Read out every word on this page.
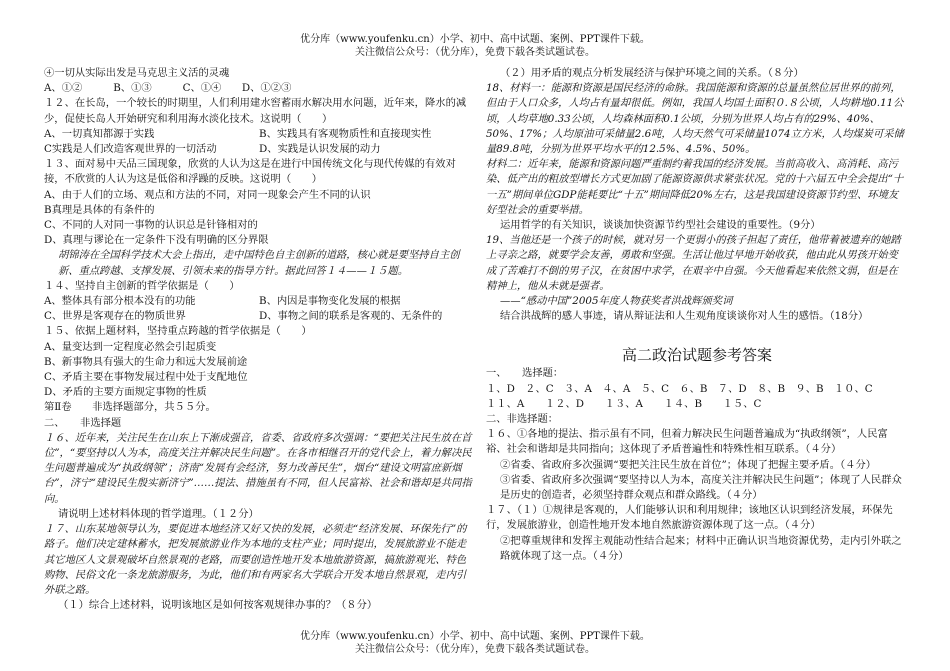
优分库（www.youfenku.cn）小学、初中、高中试题、案例、PPT课件下载。
关注微信公众号：（优分库），免费下载各类试题试卷。

④一切从实际出发是马克思主义活的灵魂

A、①②　　　B、①③　　　C、①④　　D、①②③

１２、在长岛，一个较长的时期里，人们利用建水窖蓄雨水解决用水问题，近年来，降水的减少，促使长岛人开始研究和利用海水淡化技术。这说明（　　）

A、一切真知都源于实践	B、实践具有客观物质性和直接现实性
C实践是人们改造客观世界的一切活动	D、实践是认识发展的动力

１３、面对易中天品三国现象，欣赏的人认为这是在进行中国传统文化与现代传媒的有效对接，不欣赏的人认为这是低俗和浮躁的反映。这说明（　　）

A、由于人们的立场、观点和方法的不同，对同一现象会产生不同的认识

B真理是具体的有条件的

C、不同的人对同一事物的认识总是针锋相对的

D、真理与谬论在一定条件下没有明确的区分界限

胡锦涛在全国科学技术大会上指出，走中国特色自主创新的道路，核心就是要坚持自主创新、重点跨越、支撑发展、引领未来的指导方针。据此回答１４——１５题。

１４、坚持自主创新的哲学依据是（　　）

A、整体具有部分根本没有的功能	B、内因是事物变化发展的根据
C、世界是客观存在的物质世界	D、事物之间的联系是客观的、无条件的

１５、依据上题材料，坚持重点跨越的哲学依据是（　　）

A、量变达到一定程度必然会引起质变

B、新事物具有强大的生命力和远大发展前途

C、矛盾主要在事物发展过程中处于支配地位

D、矛盾的主要方面规定事物的性质

第Ⅱ卷　　非选择题部分，共５５分。

二、　　非选择题

１６、近年来，关注民生在山东上下渐成强音，省委、省政府多次强调：“要把关注民生放在首位”，“要坚持以人为本，高度关注并解决民生问题”。在各市相继召开的党代会上，着力解决民生问题普遍成为“执政纲领”；济南“发展有会经济，努力改善民生”，烟台“建设文明富庶新烟台”，济宁“建设民生殷实新济宁”……提法、措施虽有不同，但人民富裕、社会和谐却是共同指向。

请说明上述材料体现的哲学道理。（１２分）

１７、山东某地领导认为，要促进本地经济又好又快的发展，必须走“经济发展、环保先行”的路子。他们决定建林蓄水，把发展旅游业作为本地的支柱产业；同时提出，发展旅游业不能走其它地区人文景观破坏自然景观的老路，而要创造性地开发本地旅游资源，搞旅游观光、特色购物、民俗文化一条龙旅游服务，为此，他们和有两家名大学联合开发本地自然景观，走内引外联之路。

（１）综合上述材料，说明该地区是如何按客观规律办事的？（８分）

（２）用矛盾的观点分析发展经济与保护环境之间的关系。（８分）

18、材料一：能源和资源是国民经济的命脉。我国能源和资源的总量虽然位居世界的前列，但由于人口众多，人均占有量却很低。例如，我国人均国土面积０.８公顷，人均耕地0.11公顷，人均草地0.33公顷，人均森林面积0.1公顷，分别为世界人均占有的29%、40%、50%、17%；人均原油可采储量2.6吨，人均天然气可采储量1074立方米，人均煤炭可采储量89.8吨，分别为世界平均水平的12.5%、4.5%、50%。

材料二：近年来，能源和资源问题严重制约着我国的经济发展。当前高收入、高消耗、高污染、低产出的粗放型增长方式更加剧了能源资源供求紧张状况。党的十六届五中全会提出“十一五”期间单位GDP能耗要比“十五”期间降低20%左右，这是我国建设资源节约型、环境友好型社会的重要举措。

运用哲学的有关知识，谈谈加快资源节约型社会建设的重要性。（9分）

19、当他还是一个孩子的时候，就对另一个更弱小的孩子担起了责任，他带着被遗弃的她踏上寻亲之路，就要学会友善，勇敢和坚强。生活让他过早地开始收获，他由此从男孩开始变成了苦难打不倒的男子汉，在贫困中求学，在艰辛中自强。今天他看起来依然文弱，但是在精神上，他从未就是强者。

——“感动中国”2005年度人物获奖者洪战辉颁奖词

结合洪战辉的感人事迹，请从辩证法和人生观角度谈谈你对人生的感悟。（18分）

高二政治试题参考答案

一、　　选择题：

１、D　２、C　３、A　４、A　５、C　６、B　７、D　８、B　９、B　１０、C

１１、A　　１２、D　　１３、A　　１４、B　　１５、C

二、非选择题：

１６、①各地的提法、指示虽有不同，但着力解决民生问题普遍成为“执政纲领”，人民富裕、社会和谐却是共同指向；这体现了矛盾普遍性和特殊性相互联系。（４分）

②省委、省政府多次强调“要把关注民生放在首位”；体现了把握主要矛盾。（４分）

③省委、省政府多次强调“要坚持以人为本，高度关注并解决民生问题”；体现了人民群众是历史的创造者，必须坚持群众观点和群众路线。（４分）

１７、（１）①规律是客观的，人们能够认识和利用规律；该地区认识到经济发展，环保先行，发展旅游业，创造性地开发本地自然旅游资源体现了这一点。（４分）

②把尊重规律和发挥主观能动性结合起来；材料中正确认识当地资源优势，走内引外联之路就体现了这一点。（４分）

优分库（www.youfenku.cn）小学、初中、高中试题、案例、PPT课件下载。
关注微信公众号：（优分库），免费下载各类试题试卷。
